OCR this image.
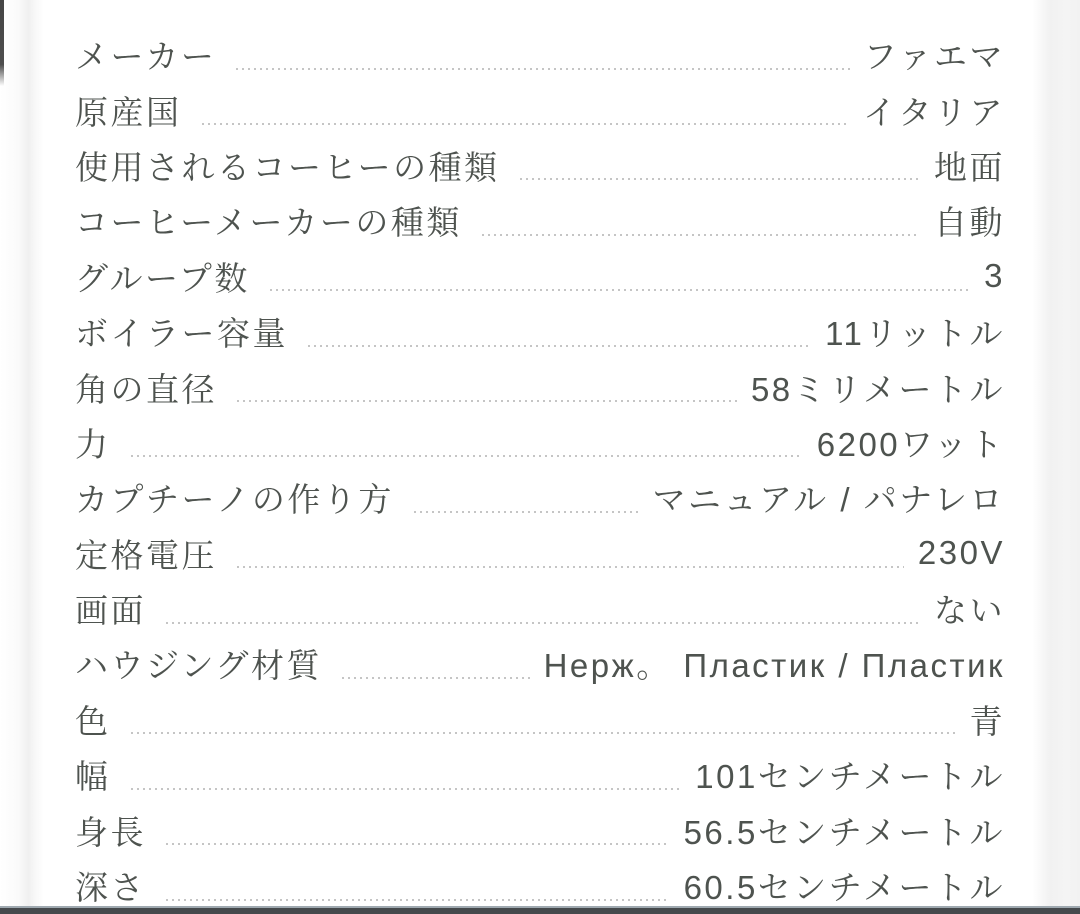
メーカー	ファエマ
原産国	イタリア
使用されるコーヒーの種類	地面
コーヒーメーカーの種類	自動
グループ数	3
ボイラー容量	11リットル
角の直径	58ミリメートル
力	6200ワット
カプチーノの作り方	マニュアル / パナレロ
定格電圧	230V
画面	ない
ハウジング材質	Нерж。 Пластик / Пластик
色	青
幅	101センチメートル
身長	56.5センチメートル
深さ	60.5センチメートル
